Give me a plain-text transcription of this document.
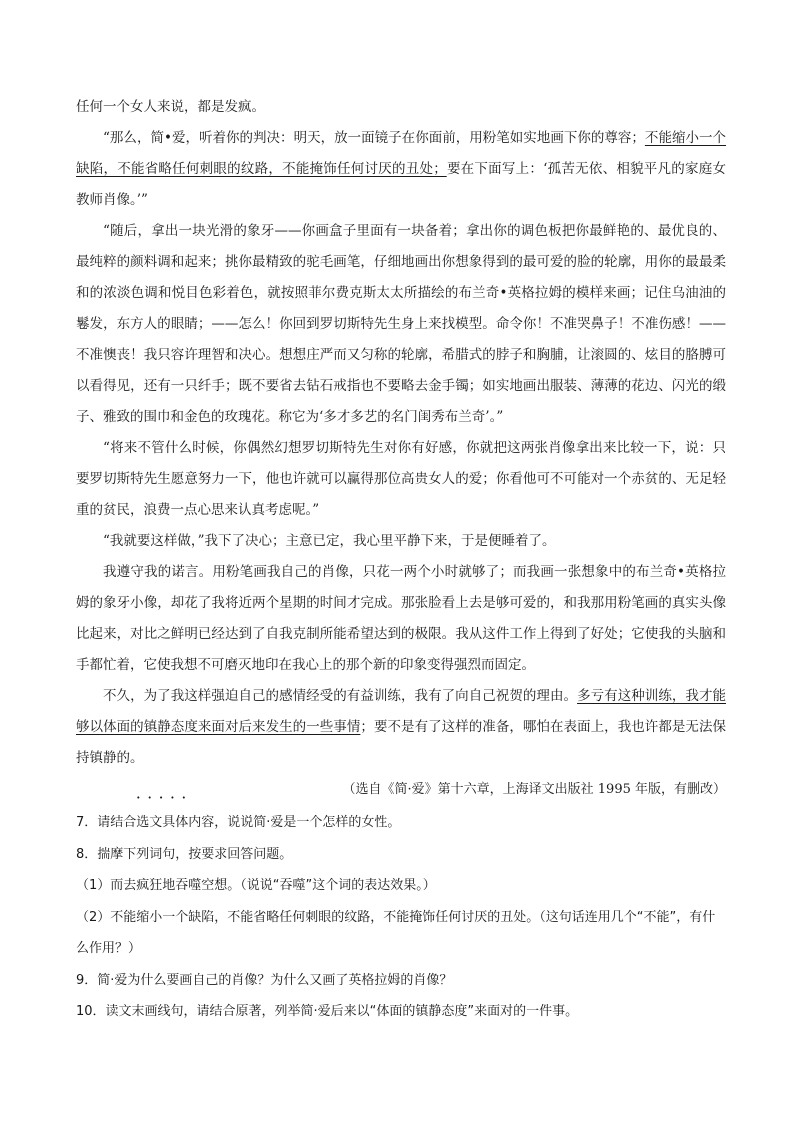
任何一个女人来说，都是发疯。

“那么，简•爱，听着你的判决：明天，放一面镜子在你面前，用粉笔如实地画下你的尊容；不能缩小一个缺陷，不能省略任何刺眼的纹路，不能掩饰任何讨厌的丑处；要在下面写上：‘孤苦无依、相貌平凡的家庭女教师肖像。’”

“随后，拿出一块光滑的象牙——你画盒子里面有一块备着；拿出你的调色板把你最鲜艳的、最优良的、最纯粹的颜料调和起来；挑你最精致的驼毛画笔，仔细地画出你想象得到的最可爱的脸的轮廓，用你的最最柔和的浓淡色调和悦目色彩着色，就按照菲尔费克斯太太所描绘的布兰奇•英格拉姆的模样来画；记住乌油油的鬈发，东方人的眼睛；——怎么！你回到罗切斯特先生身上来找模型。命令你！不准哭鼻子！不准伤感！——不准懊丧！我只容许理智和决心。想想庄严而又匀称的轮廓，希腊式的脖子和胸脯，让滚圆的、炫目的胳膊可以看得见，还有一只纤手；既不要省去钻石戒指也不要略去金手镯；如实地画出服装、薄薄的花边、闪光的缎子、雅致的围巾和金色的玫瑰花。称它为‘多才多艺的名门闺秀布兰奇’。”

“将来不管什么时候，你偶然幻想罗切斯特先生对你有好感，你就把这两张肖像拿出来比较一下，说：只要罗切斯特先生愿意努力一下，他也许就可以赢得那位高贵女人的爱；你看他可不可能对一个赤贫的、无足轻重的贫民，浪费一点心思来认真考虑呢。”

“我就要这样做，”我下了决心；主意已定，我心里平静下来，于是便睡着了。

我遵守我的诺言。用粉笔画我自己的肖像，只花一两个小时就够了；而我画一张想象中的布兰奇•英格拉姆的象牙小像，却花了我将近两个星期的时间才完成。那张脸看上去是够可爱的，和我那用粉笔画的真实头像比起来，对比之鲜明已经达到了自我克制所能希望达到的极限。我从这件工作上得到了好处；它使我的头脑和手都忙着，它使我想不可磨灭地印在我心上的那个新的印象变得强烈而固定。

不久，为了我这样强迫自己的感情经受的有益训练，我有了向自己祝贺的理由。多亏有这种训练，我才能够以体面的镇静态度来面对后来发生的一些事情；要不是有了这样的准备，哪怕在表面上，我也许都是无法保持镇静的。

（选自《简·爱》第十六章，上海译文出版社 1995 年版，有删改）

7．请结合• • • 选文具体内容，说说简·爱是一个怎样的女性。

8．揣摩下列词句，按要求回答问题。

（1）而去疯狂地吞噬空想。（说说“吞噬”这个词的表达效果。）

（2）不能缩小一个缺陷，不能省略任何刺眼的纹路，不能掩饰任何讨厌的丑处。（这句话连用几个“不能”，有什么作用？）

9．简·爱为什么要画自己的肖像？为什么又画了英格拉姆的肖像？

10．读文末画线句，请结合原著，列举简·爱后来以“体面的镇静态度”来面对的一件事。
